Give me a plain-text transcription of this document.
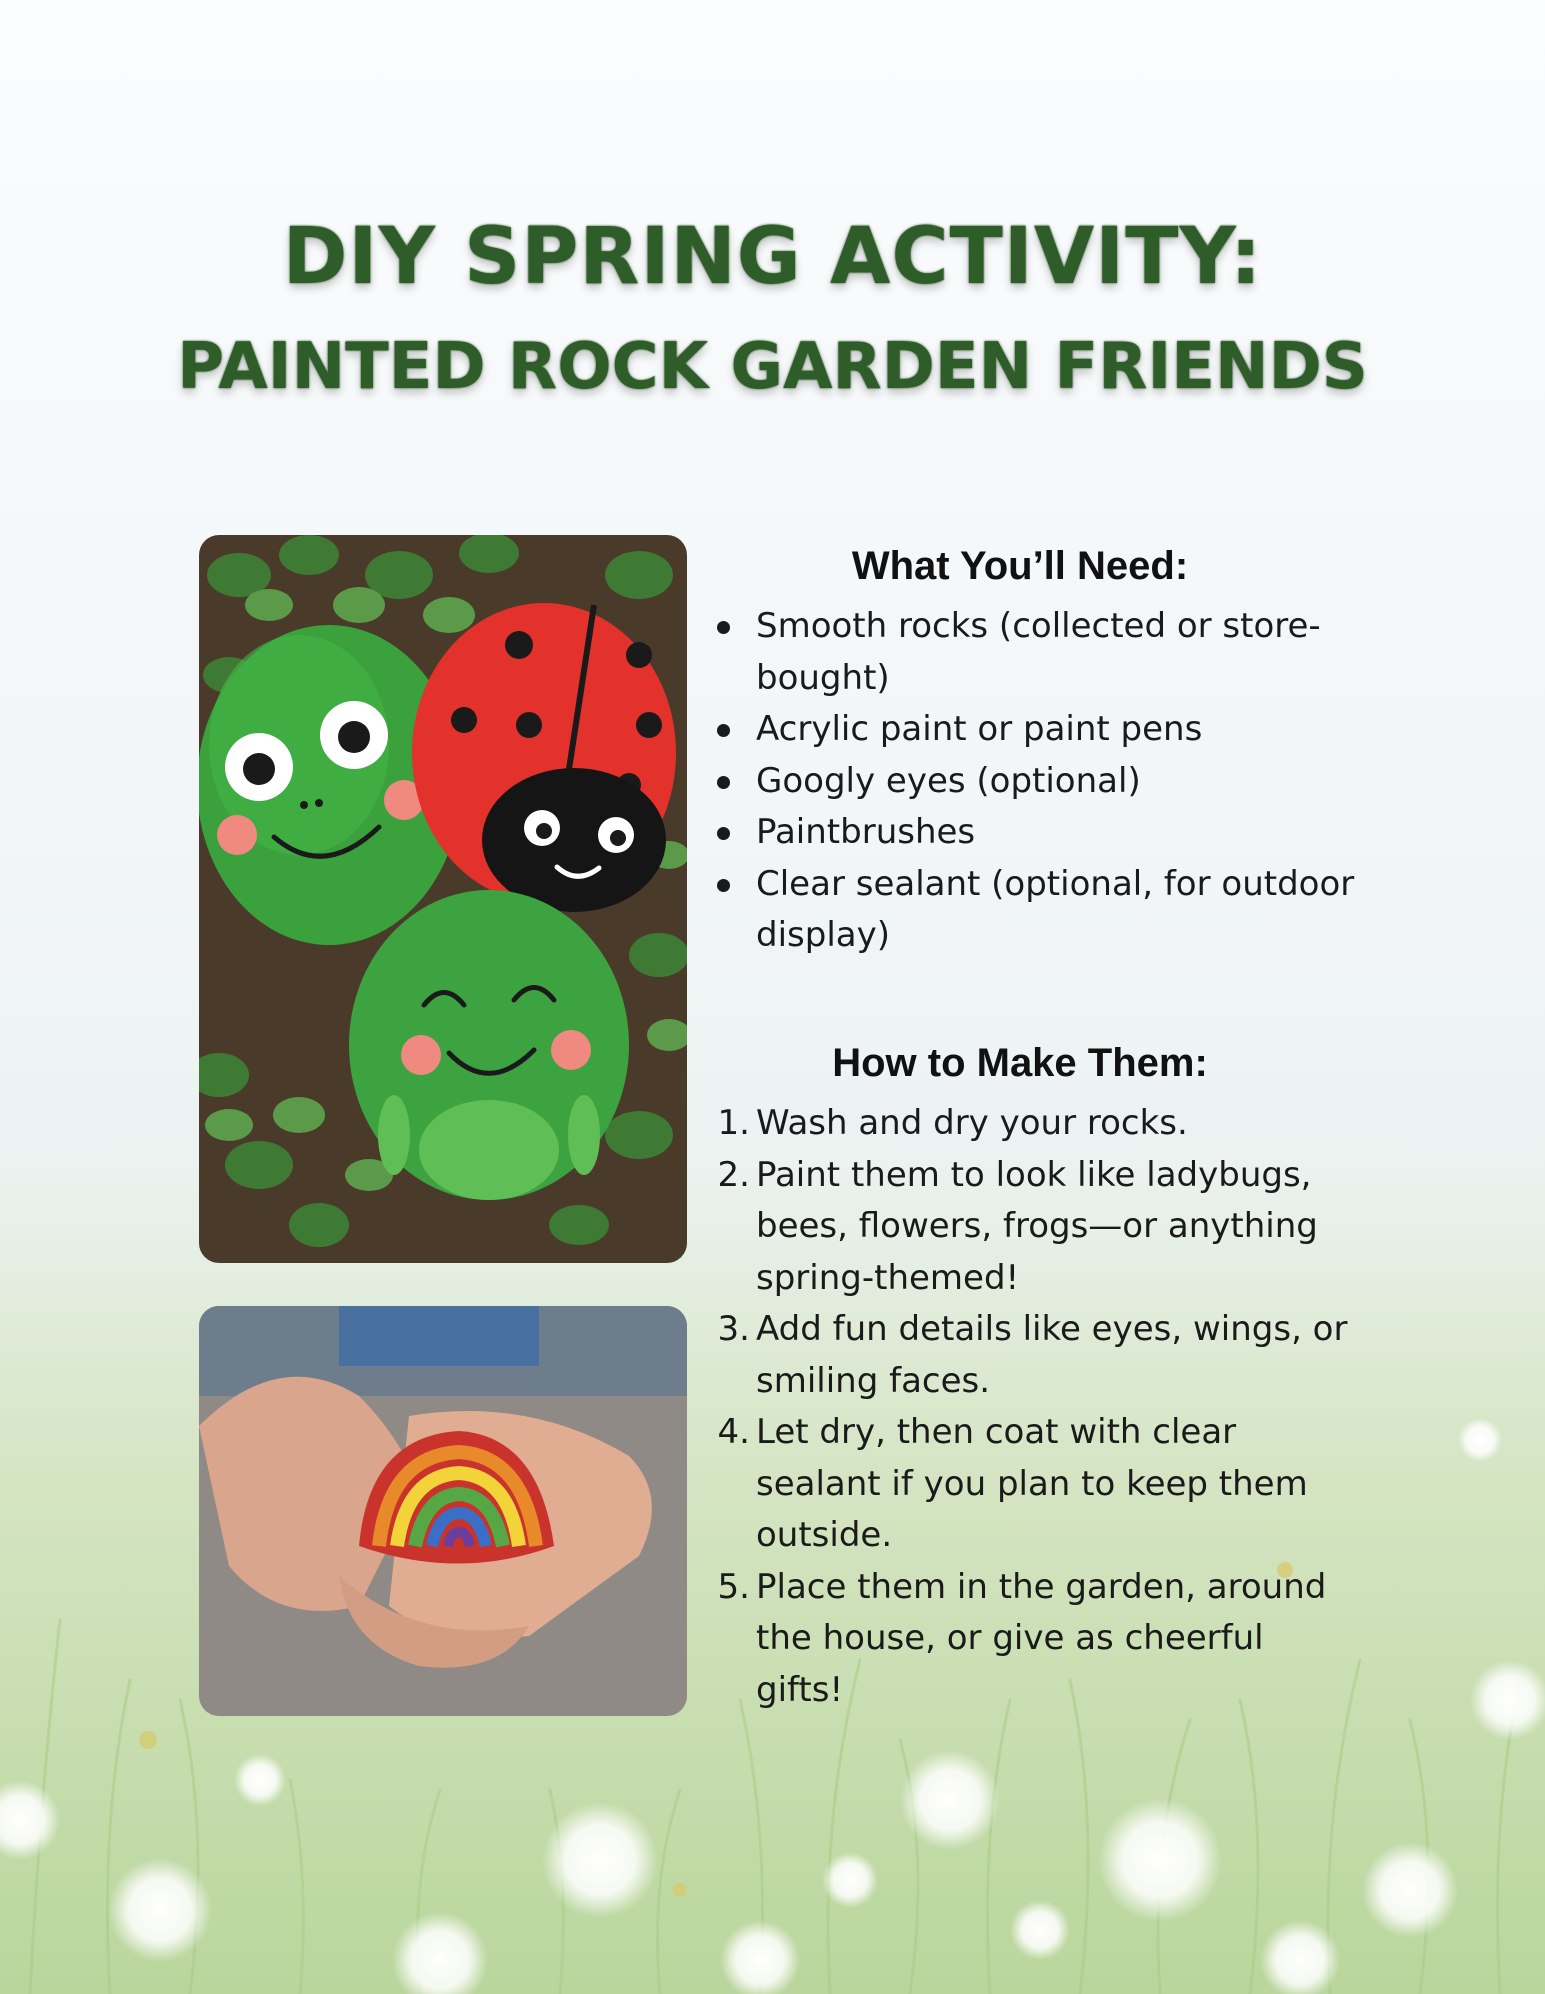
DIY SPRING ACTIVITY:
PAINTED ROCK GARDEN FRIENDS
What You’ll Need:
Smooth rocks (collected or store-bought)
Acrylic paint or paint pens
Googly eyes (optional)
Paintbrushes
Clear sealant (optional, for outdoor display)
How to Make Them:
1. Wash and dry your rocks.
2. Paint them to look like ladybugs, bees, flowers, frogs—or anything spring-themed!
3. Add fun details like eyes, wings, or smiling faces.
4. Let dry, then coat with clear sealant if you plan to keep them outside.
5. Place them in the garden, around the house, or give as cheerful gifts!
